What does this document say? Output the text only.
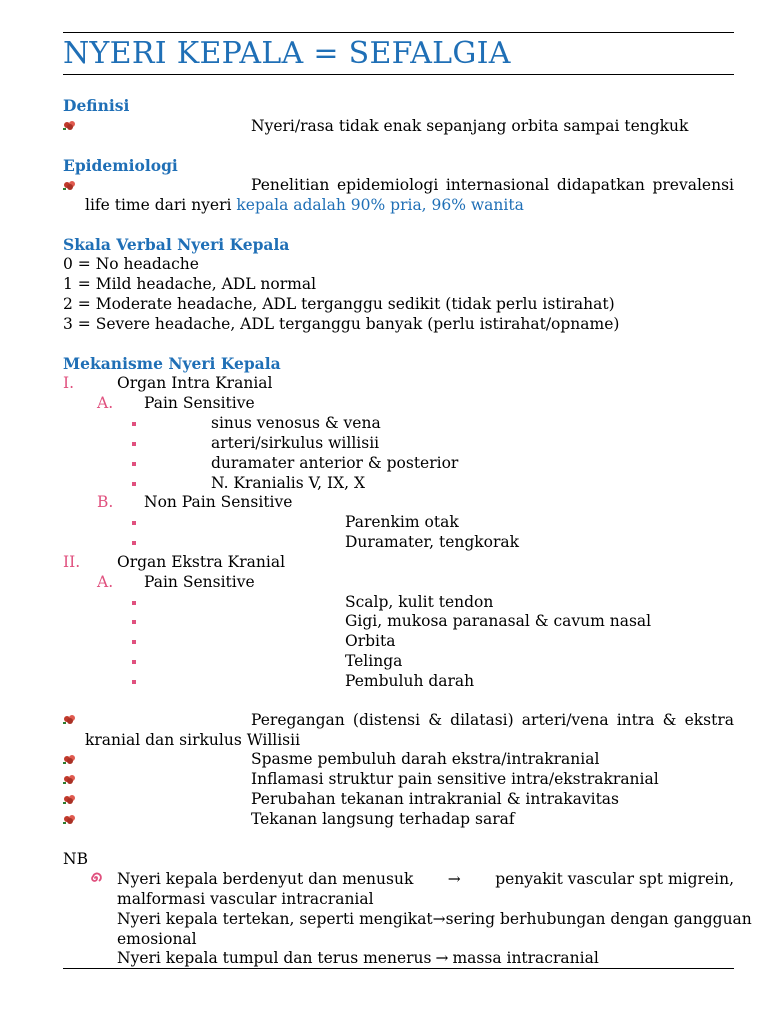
NYERI KEPALA = SEFALGIA
Definisi
Nyeri/rasa tidak enak sepanjang orbita sampai tengkuk
Epidemiologi
Penelitian epidemiologi internasional didapatkan prevalensi
life time dari nyeri kepala adalah 90% pria, 96% wanita
Skala Verbal Nyeri Kepala
0 = No headache
1 = Mild headache, ADL normal
2 = Moderate headache, ADL terganggu sedikit (tidak perlu istirahat)
3 = Severe headache, ADL terganggu banyak (perlu istirahat/opname)
Mekanisme Nyeri Kepala
I.	Organ Intra Kranial
A. Pain Sensitive
sinus venosus & vena
arteri/sirkulus willisii
duramater anterior & posterior
N. Kranialis V, IX, X
B. Non Pain Sensitive
Parenkim otak
Duramater, tengkorak
II. Organ Ekstra Kranial
A. Pain Sensitive
Scalp, kulit tendon
Gigi, mukosa paranasal & cavum nasal
Orbita
Telinga
Pembuluh darah
Peregangan (distensi & dilatasi) arteri/vena intra & ekstra
kranial dan sirkulus Willisii
Spasme pembuluh darah ekstra/intrakranial
Inflamasi struktur pain sensitive intra/ekstrakranial
Perubahan tekanan intrakranial & intrakavitas
Tekanan langsung terhadap saraf
NB
Nyeri kepala berdenyut dan menusuk → penyakit vascular spt migrein,
malformasi vascular intracranial
Nyeri kepala tertekan, seperti mengikat →sering berhubungan dengan gangguan
emosional
Nyeri kepala tumpul dan terus menerus → massa intracranial
